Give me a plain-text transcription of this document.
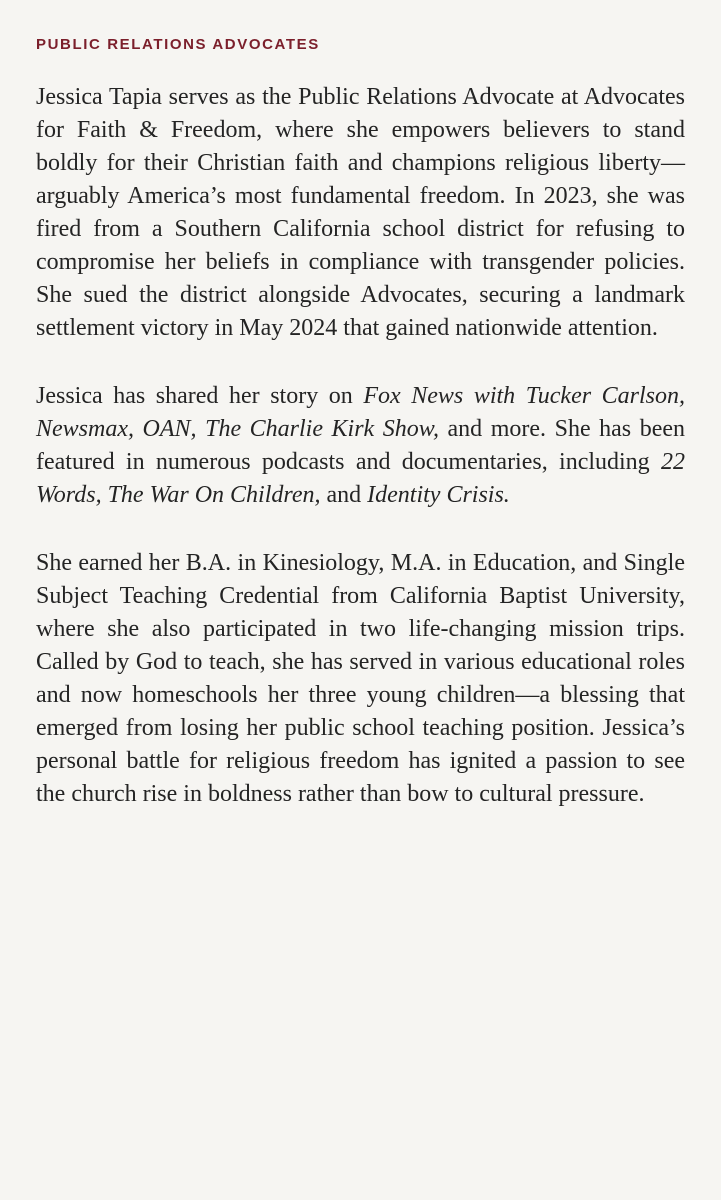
PUBLIC RELATIONS ADVOCATES

Jessica Tapia serves as the Public Relations Advocate at Advocates for Faith & Freedom, where she empowers believers to stand boldly for their Christian faith and champions religious liberty—arguably America’s most fundamental freedom. In 2023, she was fired from a Southern California school district for refusing to compromise her beliefs in compliance with transgender policies. She sued the district alongside Advocates, securing a landmark settlement victory in May 2024 that gained nationwide attention.

Jessica has shared her story on Fox News with Tucker Carlson, Newsmax, OAN, The Charlie Kirk Show, and more. She has been featured in numerous podcasts and documentaries, including 22 Words, The War On Children, and Identity Crisis.

She earned her B.A. in Kinesiology, M.A. in Education, and Single Subject Teaching Credential from California Baptist University, where she also participated in two life-changing mission trips. Called by God to teach, she has served in various educational roles and now homeschools her three young children—a blessing that emerged from losing her public school teaching position. Jessica’s personal battle for religious freedom has ignited a passion to see the church rise in boldness rather than bow to cultural pressure.
